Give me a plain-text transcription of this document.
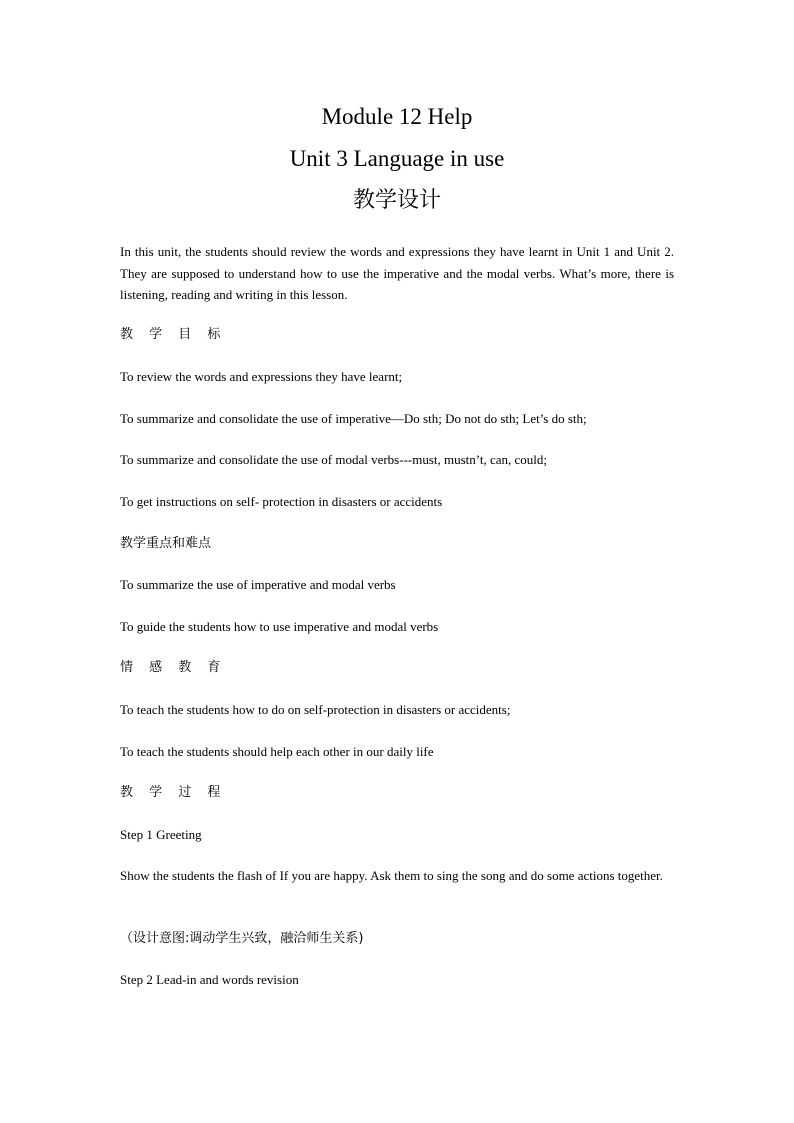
Module 12 Help
Unit 3 Language in use
教学设计
In this unit, the students should review the words and expressions they have learnt in Unit 1 and Unit 2. They are supposed to understand how to use the imperative and the modal verbs. What’s more, there is listening, reading and writing in this lesson.
教 学 目 标
To review the words and expressions they have learnt;
To summarize and consolidate the use of imperative—Do sth; Do not do sth; Let’s do sth;
To summarize and consolidate the use of modal verbs---must, mustn’t, can, could;
To get instructions on self- protection in disasters or accidents
教学重点和难点
To summarize the use of imperative and modal verbs
To guide the students how to use imperative and modal verbs
情 感 教 育
To teach the students how to do on self-protection in disasters or accidents;
To teach the students should help each other in our daily life
教 学 过 程
Step 1 Greeting
Show the students the flash of If you are happy. Ask them to sing the song and do some actions together.
（设计意图:调动学生兴致，融洽师生关系)
Step 2 Lead-in and words revision
